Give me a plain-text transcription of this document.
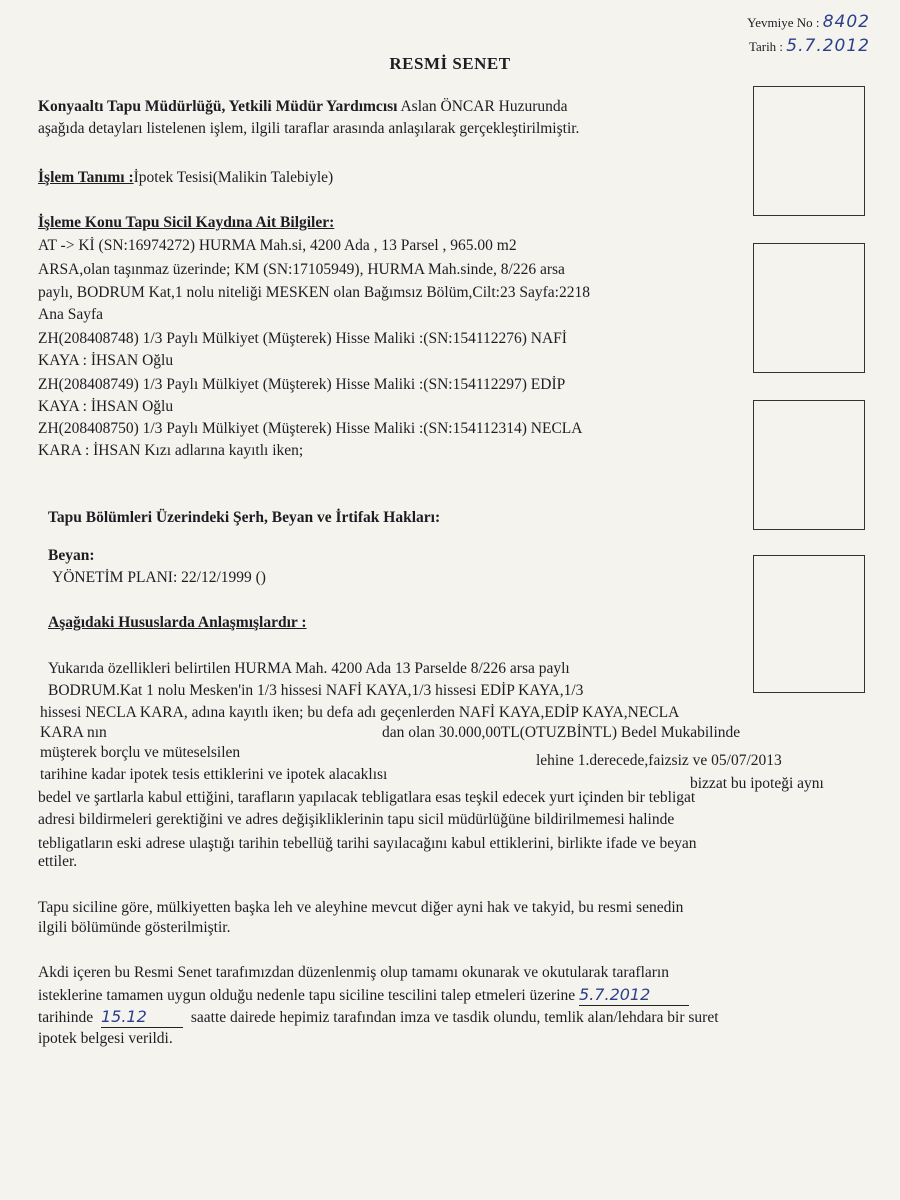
Yevmiye No : 8402
Tarih : 5.7.2012
RESMİ SENET
Konyaaltı Tapu Müdürlüğü, Yetkili Müdür Yardımcısı Aslan ÖNCAR Huzurunda
aşağıda detayları listelenen işlem, ilgili taraflar arasında anlaşılarak gerçekleştirilmiştir.
İşlem Tanımı :İpotek Tesisi(Malikin Talebiyle)
İşleme Konu Tapu Sicil Kaydına Ait Bilgiler:
AT -> Kİ (SN:16974272) HURMA Mah.si, 4200 Ada , 13 Parsel , 965.00 m2
ARSA,olan taşınmaz üzerinde; KM (SN:17105949), HURMA Mah.sinde, 8/226 arsa
paylı, BODRUM Kat,1 nolu niteliği MESKEN olan Bağımsız Bölüm,Cilt:23 Sayfa:2218
Ana Sayfa
ZH(208408748) 1/3 Paylı Mülkiyet (Müşterek) Hisse Maliki :(SN:154112276) NAFİ
KAYA : İHSAN Oğlu
ZH(208408749) 1/3 Paylı Mülkiyet (Müşterek) Hisse Maliki :(SN:154112297) EDİP
KAYA : İHSAN Oğlu
ZH(208408750) 1/3 Paylı Mülkiyet (Müşterek) Hisse Maliki :(SN:154112314) NECLA
KARA : İHSAN Kızı adlarına kayıtlı iken;
Tapu Bölümleri Üzerindeki Şerh, Beyan ve İrtifak Hakları:
Beyan:
YÖNETİM PLANI: 22/12/1999 ()
Aşağıdaki Hususlarda Anlaşmışlardır :
Yukarıda özellikleri belirtilen HURMA Mah. 4200 Ada 13 Parselde 8/226 arsa paylı
BODRUM.Kat 1 nolu Mesken'in 1/3 hissesi NAFİ KAYA,1/3 hissesi EDİP KAYA,1/3
hissesi NECLA KARA, adına kayıtlı iken; bu defa adı geçenlerden NAFİ KAYA,EDİP KAYA,NECLA
KARA nın	dan olan 30.000,00TL(OTUZBİNTL) Bedel Mukabilinde
müşterek borçlu ve müteselsilen	lehine 1.derecede,faizsiz ve 05/07/2013
tarihine kadar ipotek tesis ettiklerini ve ipotek alacaklısı
bizzat bu ipoteği aynı
bedel ve şartlarla kabul ettiğini, tarafların yapılacak tebligatlara esas teşkil edecek yurt içinden bir tebligat
adresi bildirmeleri gerektiğini ve adres değişikliklerinin tapu sicil müdürlüğüne bildirilmemesi halinde
tebligatların eski adrese ulaştığı tarihin tebellüğ tarihi sayılacağını kabul ettiklerini, birlikte ifade ve beyan
ettiler.
Tapu siciline göre, mülkiyetten başka leh ve aleyhine mevcut diğer ayni hak ve takyid, bu resmi senedin
ilgili bölümünde gösterilmiştir.
Akdi içeren bu Resmi Senet tarafımızdan düzenlenmiş olup tamamı okunarak ve okutularak tarafların
isteklerine tamamen uygun olduğu nedenle tapu siciline tescilini talep etmeleri üzerine 5.7.2012
tarihinde 15.12	saatte dairede hepimiz tarafından imza ve tasdik olundu, temlik alan/lehdara bir suret
ipotek belgesi verildi.
